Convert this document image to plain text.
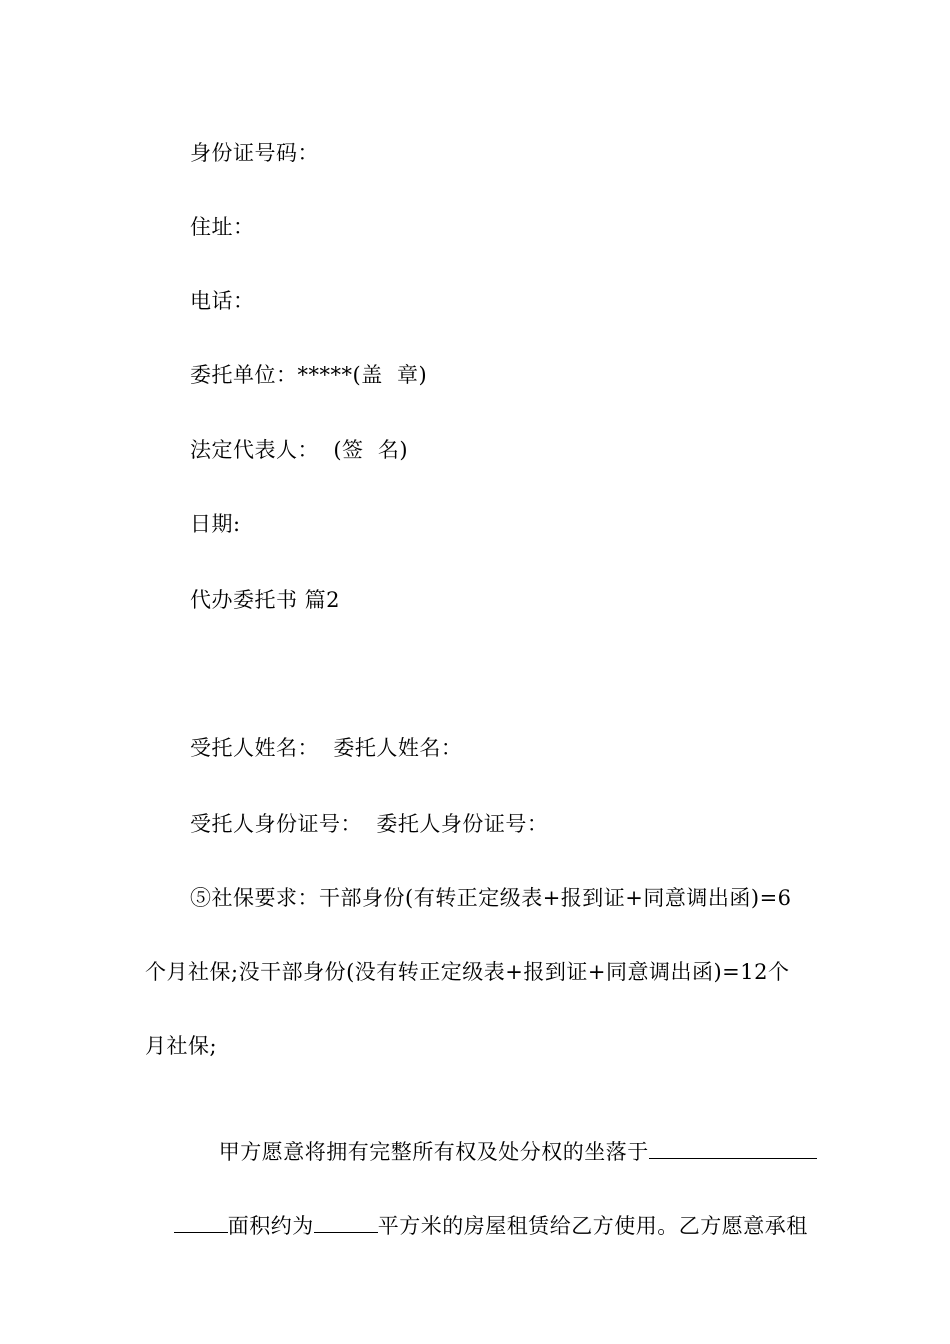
身份证号码：
住址：
电话：
委托单位：*****(盖  章)
法定代表人：  (签  名)
日期:
代办委托书 篇2
受托人姓名：  委托人姓名：
受托人身份证号：  委托人身份证号：
⑤社保要求：干部身份(有转正定级表+报到证+同意调出函)=6
个月社保;没干部身份(没有转正定级表+报到证+同意调出函)=12个
月社保;

甲方愿意将拥有完整所有权及处分权的坐落于

面积约为	平方米的房屋租赁给乙方使用。乙方愿意承租
